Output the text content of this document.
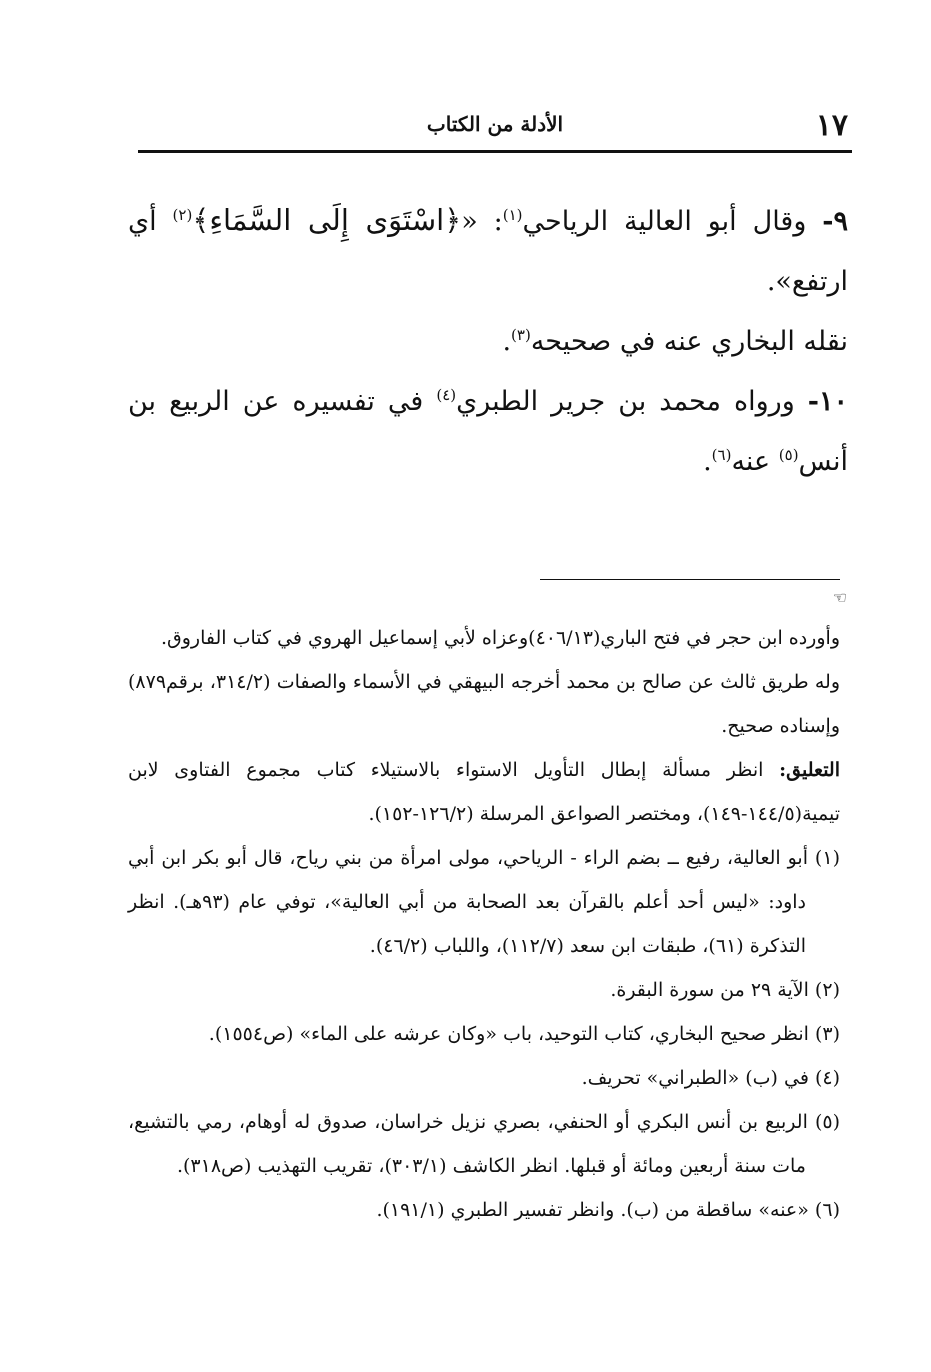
١٧
الأدلة من الكتاب

٩- وقال أبو العالية الرياحي$^{(١)}$: «﴿اسْتَوَى إِلَى السَّمَاءِ﴾$^{(٢)}$ أي ارتفع».

نقله البخاري عنه في صحيحه$^{(٣)}$.

١٠- ورواه محمد بن جرير الطبري$^{(٤)}$ في تفسيره عن الربيع بن أنس$^{(٥)}$ عنه$^{(٦)}$.

☜

وأورده ابن حجر في فتح الباري(٤٠٦/١٣)وعزاه لأبي إسماعيل الهروي في كتاب الفاروق.

وله طريق ثالث عن صالح بن محمد أخرجه البيهقي في الأسماء والصفات (٣١٤/٢، برقم٨٧٩) وإسناده صحيح.

التعليق: انظر مسألة إبطال التأويل الاستواء بالاستيلاء كتاب مجموع الفتاوى لابن تيمية(١٤٤/٥-١٤٩)، ومختصر الصواعق المرسلة (١٢٦/٢-١٥٢).

(١) أبو العالية، رفيع ــ بضم الراء - الرياحي، مولى امرأة من بني رياح، قال أبو بكر ابن أبي داود: «ليس أحد أعلم بالقرآن بعد الصحابة من أبي العالية»، توفي عام (٩٣هـ). انظر التذكرة (٦١)، طبقات ابن سعد (١١٢/٧)، واللباب (٤٦/٢).

(٢) الآية ٢٩ من سورة البقرة.

(٣) انظر صحيح البخاري، كتاب التوحيد، باب «وكان عرشه على الماء» (ص١٥٥٤).

(٤) في (ب) «الطبراني» تحريف.

(٥) الربيع بن أنس البكري أو الحنفي، بصري نزيل خراسان، صدوق له أوهام، رمي بالتشيع، مات سنة أربعين ومائة أو قبلها. انظر الكاشف (٣٠٣/١)، تقريب التهذيب (ص٣١٨).

(٦) «عنه» ساقطة من (ب). وانظر تفسير الطبري (١٩١/١).
